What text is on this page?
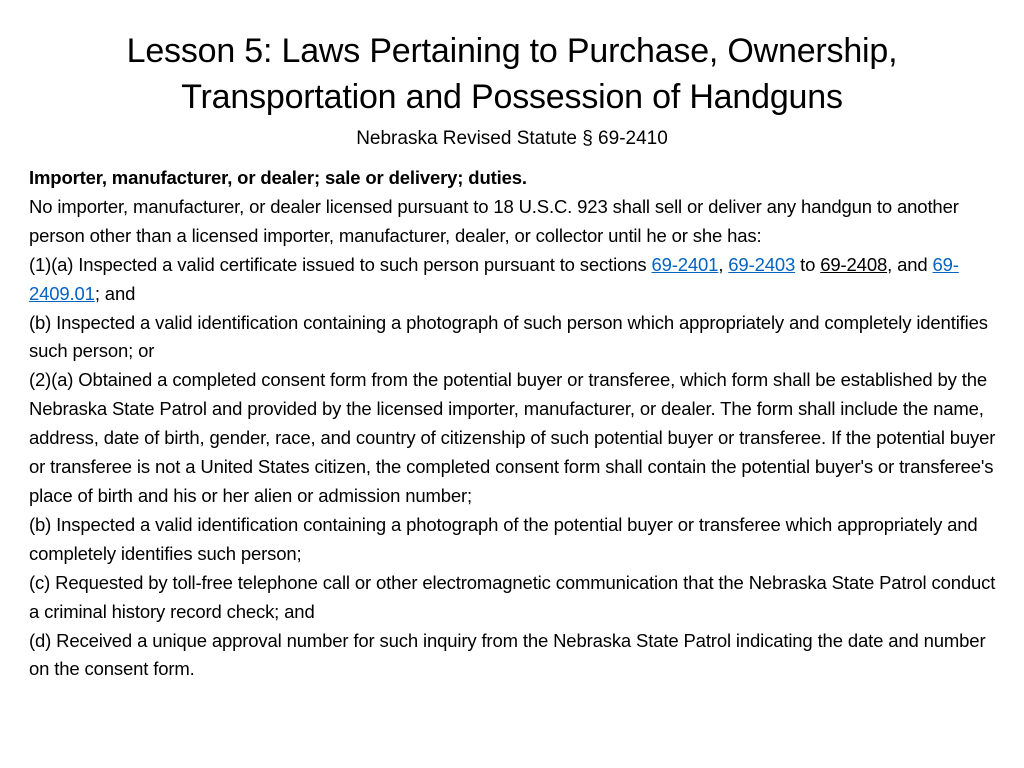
Lesson 5: Laws Pertaining to Purchase, Ownership,
Transportation and Possession of Handguns

Nebraska Revised Statute § 69-2410

Importer, manufacturer, or dealer; sale or delivery; duties.

No importer, manufacturer, or dealer licensed pursuant to 18 U.S.C. 923 shall sell or deliver any handgun to another person other than a licensed importer, manufacturer, dealer, or collector until he or she has:

(1)(a) Inspected a valid certificate issued to such person pursuant to sections 69-2401, 69-2403 to 69-2408, and 69-2409.01; and

(b) Inspected a valid identification containing a photograph of such person which appropriately and completely identifies such person; or

(2)(a) Obtained a completed consent form from the potential buyer or transferee, which form shall be established by the Nebraska State Patrol and provided by the licensed importer, manufacturer, or dealer. The form shall include the name, address, date of birth, gender, race, and country of citizenship of such potential buyer or transferee. If the potential buyer or transferee is not a United States citizen, the completed consent form shall contain the potential buyer's or transferee's place of birth and his or her alien or admission number;

(b) Inspected a valid identification containing a photograph of the potential buyer or transferee which appropriately and completely identifies such person;

(c) Requested by toll-free telephone call or other electromagnetic communication that the Nebraska State Patrol conduct a criminal history record check; and

(d) Received a unique approval number for such inquiry from the Nebraska State Patrol indicating the date and number on the consent form.
